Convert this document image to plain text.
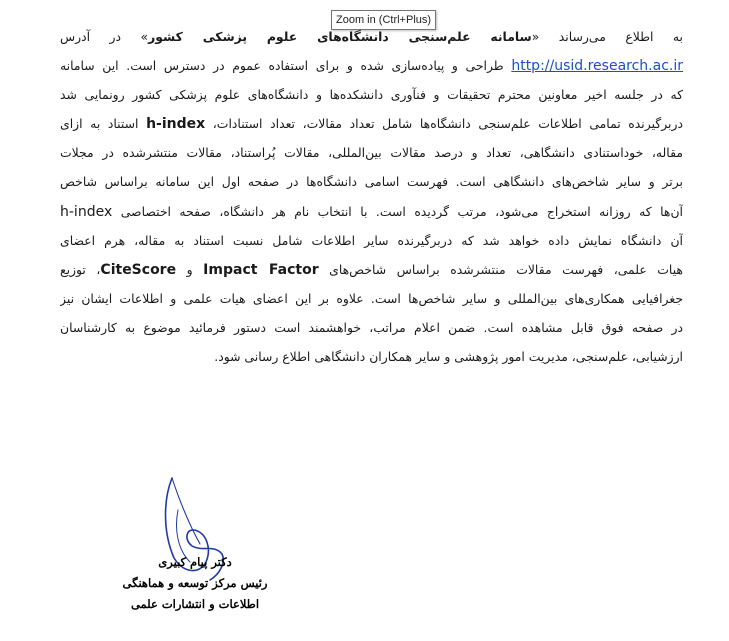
Zoom in (Ctrl+Plus)
به اطلاع می‌رساند «سامانه علم‌سنجی دانشگاه‌های علوم پزشکی کشور» در آدرس
http://usid.research.ac.ir طراحی و پیاده‌سازی شده و برای استفاده عموم در دسترس است. این سامانه
که در جلسه اخیر معاونین محترم تحقیقات و فنآوری دانشکده‌ها و دانشگاه‌های علوم پزشکی کشور رونمایی شد
دربرگیرنده تمامی اطلاعات علم‌سنجی دانشگاه‌ها شامل تعداد مقالات، تعداد استنادات، h-index استناد به ازای
مقاله، خوداستنادی دانشگاهی، تعداد و درصد مقالات بین‌المللی، مقالات پُراستناد، مقالات منتشرشده در مجلات
برتر و سایر شاخص‌های دانشگاهی است. فهرست اسامی دانشگاه‌ها در صفحه اول این سامانه براساس شاخص
h-index آن‌ها که روزانه استخراج می‌شود، مرتب گردیده است. با انتخاب نام هر دانشگاه، صفحه اختصاصی
آن دانشگاه نمایش داده خواهد شد که دربرگیرنده سایر اطلاعات شامل نسبت استناد به مقاله، هرم اعضای
هیات علمی، فهرست مقالات منتشرشده براساس شاخص‌های Impact Factor و CiteScore، توزیع
جغرافیایی همکاری‌های بین‌المللی و سایر شاخص‌ها است. علاوه بر این اعضای هیات علمی و اطلاعات ایشان نیز
در صفحه فوق قابل مشاهده است. ضمن اعلام مراتب، خواهشمند است دستور فرمائید موضوع به کارشناسان
ارزشیابی، علم‌سنجی، مدیریت امور پژوهشی و سایر همکاران دانشگاهی اطلاع رسانی شود.
دکتر پیام کبیری
رئیس مرکز توسعه و هماهنگی
اطلاعات و انتشارات علمی
